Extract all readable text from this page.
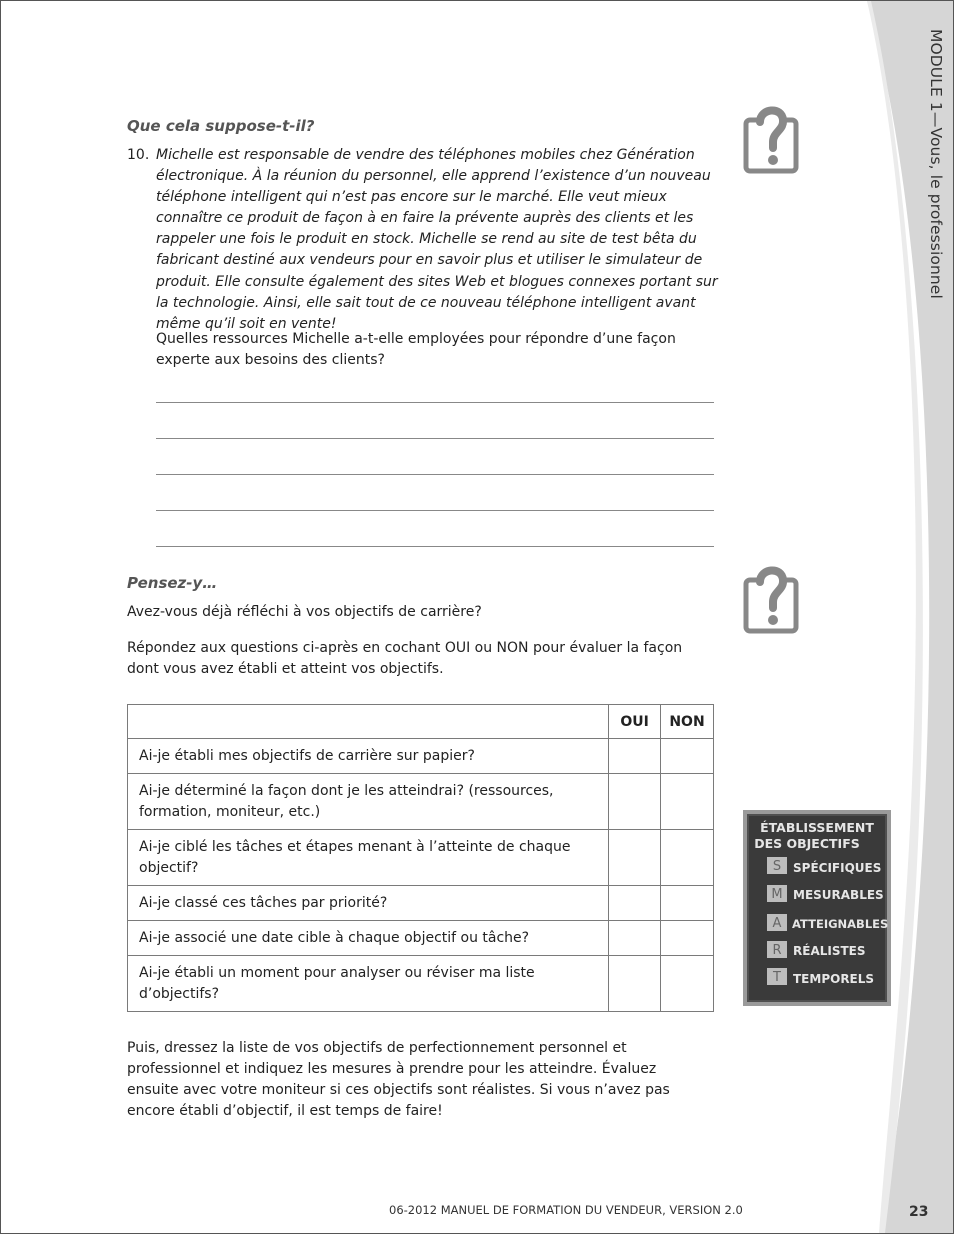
MODULE 1—Vous, le professionnel
Que cela suppose-t-il?
10. Michelle est responsable de vendre des téléphones mobiles chez Génération électronique. À la réunion du personnel, elle apprend l’existence d’un nouveau téléphone intelligent qui n’est pas encore sur le marché. Elle veut mieux connaître ce produit de façon à en faire la prévente auprès des clients et les rappeler une fois le produit en stock. Michelle se rend au site de test bêta du fabricant destiné aux vendeurs pour en savoir plus et utiliser le simulateur de produit. Elle consulte également des sites Web et blogues connexes portant sur la technologie. Ainsi, elle sait tout de ce nouveau téléphone intelligent avant même qu’il soit en vente!

Quelles ressources Michelle a-t-elle employées pour répondre d’une façon experte aux besoins des clients?

Pensez-y…

Avez-vous déjà réfléchi à vos objectifs de carrière?

Répondez aux questions ci-après en cochant OUI ou NON pour évaluer la façon dont vous avez établi et atteint vos objectifs.

	OUI	NON
Ai-je établi mes objectifs de carrière sur papier?		
Ai-je déterminé la façon dont je les atteindrai? (ressources, formation, moniteur, etc.)		
Ai-je ciblé les tâches et étapes menant à l’atteinte de chaque objectif?		
Ai-je classé ces tâches par priorité?		
Ai-je associé une date cible à chaque objectif ou tâche?		
Ai-je établi un moment pour analyser ou réviser ma liste d’objectifs?		

Puis, dressez la liste de vos objectifs de perfectionnement personnel et professionnel et indiquez les mesures à prendre pour les atteindre. Évaluez ensuite avec votre moniteur si ces objectifs sont réalistes. Si vous n’avez pas encore établi d’objectif, il est temps de faire!

ÉTABLISSEMENT
DES OBJECTIFS
S SPÉCIFIQUES
M MESURABLES
A ATTEIGNABLES
R RÉALISTES
T TEMPORELS
06-2012 MANUEL DE FORMATION DU VENDEUR, VERSION 2.0	23
